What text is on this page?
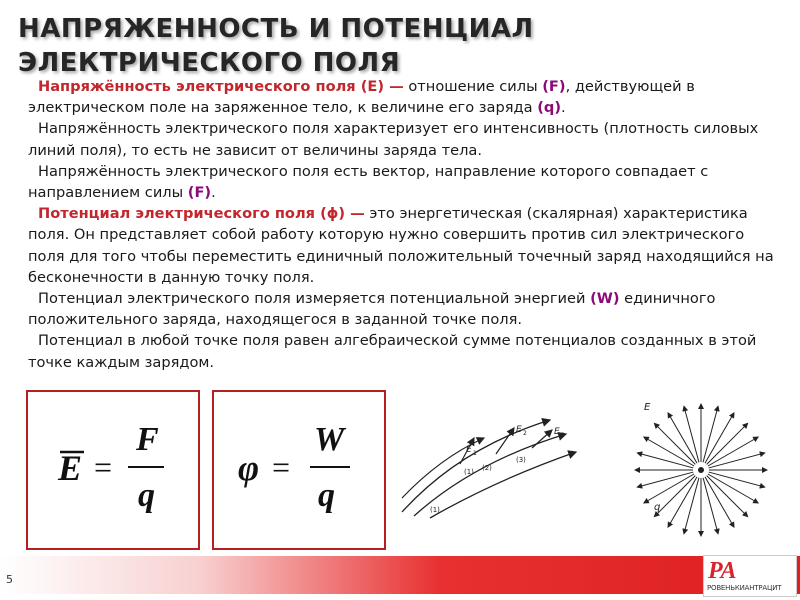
НАПРЯЖЕННОСТЬ И ПОТЕНЦИАЛ
ЭЛЕКТРИЧЕСКОГО ПОЛЯ

Напряжённость электрического поля (E) — отношение силы (F), действующей в электрическом поле на заряженное тело, к величине его заряда (q).

Напряжённость электрического поля характеризует его интенсивность (плотность силовых линий поля), то есть не зависит от величины заряда тела.

Напряжённость электрического поля есть вектор, направление которого совпадает с направлением силы (F).

Потенциал электрического поля (ϕ) — это энергетическая (скалярная) характеристика поля. Он представляет собой работу которую нужно совершить против сил электрического поля для того чтобы переместить единичный положительный точечный заряд находящийся на бесконечности в данную точку поля.

Потенциал электрического поля измеряется потенциальной энергией (W) единичного положительного заряда, находящегося в заданной точке поля.

Потенциал в любой точке поля равен алгебраической сумме потенциалов созданных в этой точке каждым зарядом.

E =
F
q
φ =
W
q
E 1
E 2	E 3
(1) (2)
(3)
(1)
E
q
5	РА
РОВЕНЬКИАНТРАЦИТ
